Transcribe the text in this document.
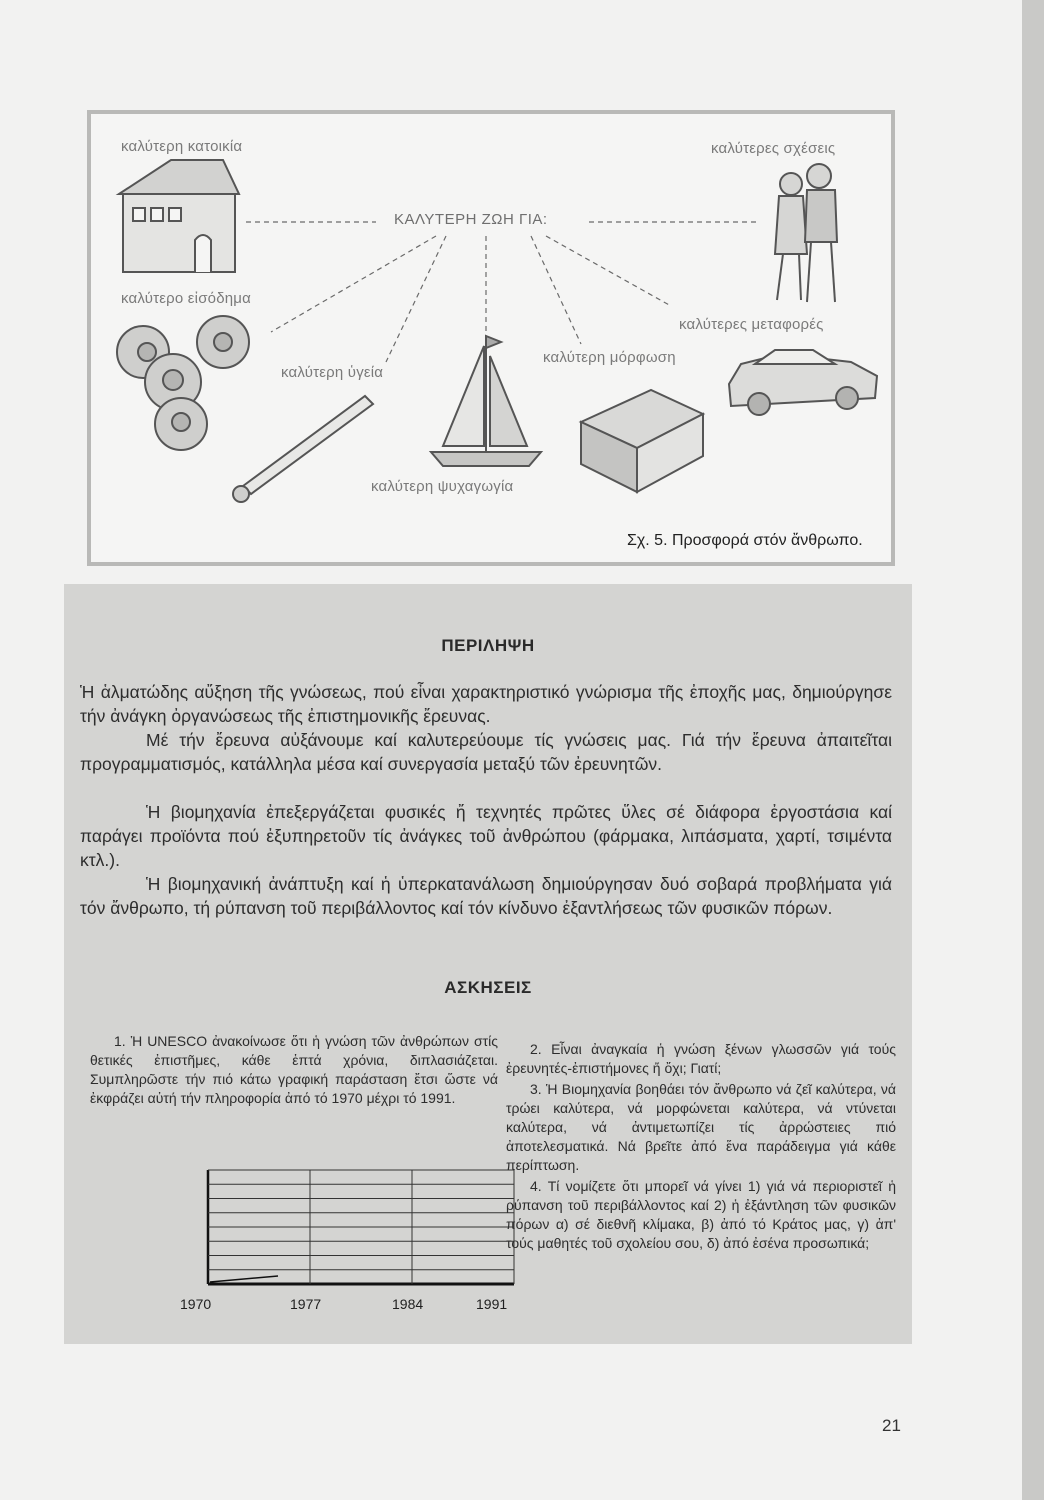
καλύτερη κατοικία	καλύτερες σχέσεις
ΚΑΛΥΤΕΡΗ ΖΩΗ ΓΙΑ:
καλύτερο εἰσόδημα
καλύτερες μεταφορές
καλύτερη ὑγεία
καλύτερη μόρφωση
καλύτερη ψυχαγωγία
Σχ. 5. Προσφορά στόν ἄνθρωπο.
ΠΕΡΙΛΗΨΗ

Ἡ ἁλματώδης αὔξηση τῆς γνώσεως, πού εἶναι χαρακτηριστικό γνώρισμα τῆς ἐποχῆς μας, δημιούργησε τήν ἀνάγκη ὀργανώσεως τῆς ἐπιστημονικῆς ἔρευνας.

Μέ τήν ἔρευνα αὐξάνουμε καί καλυτερεύουμε τίς γνώσεις μας. Γιά τήν ἔρευνα ἀπαιτεῖται προγραμματισμός, κατάλληλα μέσα καί συνεργασία μεταξύ τῶν ἐρευνητῶν.

Ἡ βιομηχανία ἐπεξεργάζεται φυσικές ἤ τεχνητές πρῶτες ὕλες σέ διάφορα ἐργοστάσια καί παράγει προϊόντα πού ἐξυπηρετοῦν τίς ἀνάγκες τοῦ ἀνθρώπου (φάρμακα, λιπάσματα, χαρτί, τσιμέντα κτλ.).

Ἡ βιομηχανική ἀνάπτυξη καί ἡ ὑπερκατανάλωση δημιούργησαν δυό σοβαρά προβλήματα γιά τόν ἄνθρωπο, τή ρύπανση τοῦ περιβάλλοντος καί τόν κίνδυνο ἐξαντλήσεως τῶν φυσικῶν πόρων.

ΑΣΚΗΣΕΙΣ

1. Ἡ UNESCO ἀνακοίνωσε ὅτι ἡ γνώση τῶν ἀνθρώπων στίς θετικές ἐπιστῆμες, κάθε ἑπτά χρόνια, διπλασιάζεται. Συμπληρῶστε τήν πιό κάτω γραφική παράσταση ἔτσι ὥστε νά ἐκφράζει αὐτή τήν πληροφορία ἀπό τό 1970 μέχρι τό 1991.

2. Εἶναι ἀναγκαία ἡ γνώση ξένων γλωσσῶν γιά τούς ἐρευνητές-ἐπιστήμονες ἤ ὄχι; Γιατί;

3. Ἡ Βιομηχανία βοηθάει τόν ἄνθρωπο νά ζεῖ καλύτερα, νά τρώει καλύτερα, νά μορφώνεται καλύτερα, νά ντύνεται καλύτερα, νά ἀντιμετωπίζει τίς ἀρρώστειες πιό ἀποτελεσματικά. Νά βρεῖτε ἀπό ἕνα παράδειγμα γιά κάθε περίπτωση.

4. Τί νομίζετε ὅτι μπορεῖ νά γίνει 1) γιά νά περιοριστεῖ ἡ ρύπανση τοῦ περιβάλλοντος καί 2) ἡ ἐξάντληση τῶν φυσικῶν πόρων α) σέ διεθνῆ κλίμακα, β) ἀπό τό Κράτος μας, γ) ἀπ' τούς μαθητές τοῦ σχολείου σου, δ) ἀπό ἐσένα προσωπικά;

1970	1977	1984	1991
21
